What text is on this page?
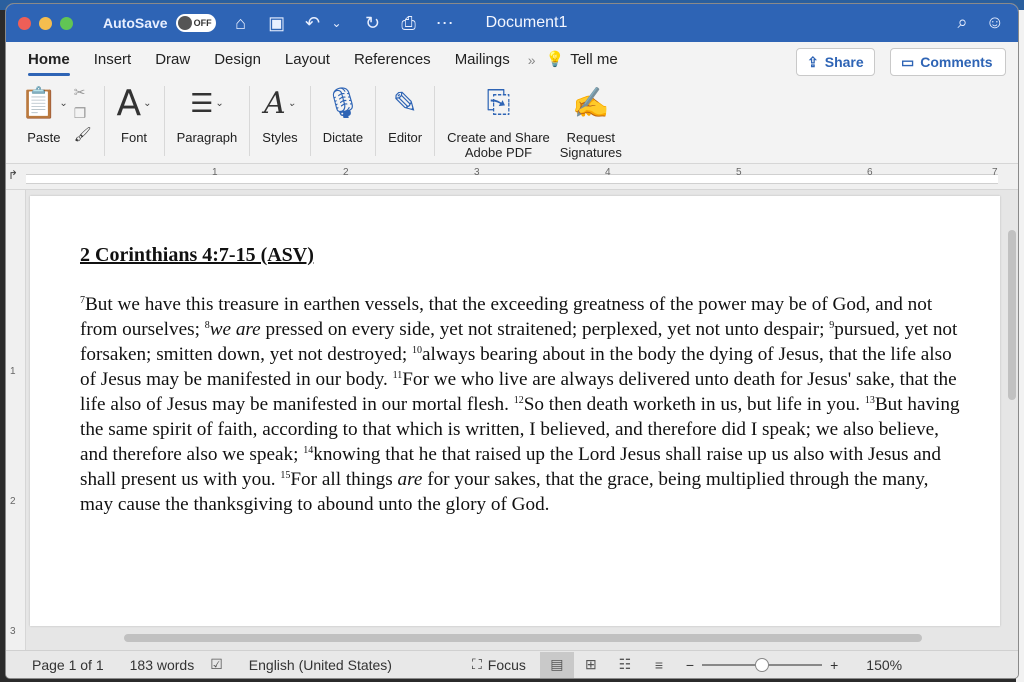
AutoSave	OFF	⌂	▣ ↶ ⌄	↻ ⎙ ⋯ Document1	⌕ ☺
Home	Insert	Draw	Design	Layout	References	Mailings	» 💡 Tell me	⇪ Share	▭ Comments
📋 ⌄
Paste
✂
❐
🖌
A ⌄
Font
☰ ⌄
Paragraph
A ⌄
Styles
🎙
Dictate
✎
Editor
⎘
Create and Share
Adobe PDF
✍
Request
Signatures
↱	1	2	3	4	5	6	7
1
2
3
2 Corinthians 4:7-15 (ASV)
$^7$But we have this treasure in earthen vessels, that the exceeding greatness of the power may be of God, and not from ourselves; $^8$we are pressed on every side, yet not straitened; perplexed, yet not unto despair; $^9$pursued, yet not forsaken; smitten down, yet not destroyed; $^{10}$always bearing about in the body the dying of Jesus, that the life also of Jesus may be manifested in our body. $^{11}$For we who live are always delivered unto death for Jesus' sake, that the life also of Jesus may be manifested in our mortal flesh. $^{12}$So then death worketh in us, but life in you. $^{13}$But having the same spirit of faith, according to that which is written, I believed, and therefore did I speak; we also believe, and therefore also we speak; $^{14}$knowing that he that raised up the Lord Jesus shall raise up us also with Jesus and shall present us with you. $^{15}$For all things are for your sakes, that the grace, being multiplied through the many, may cause the thanksgiving to abound unto the glory of God.
Page 1 of 1 183 words ☑ English (United States)	⛶ Focus ▤ ⊞ ☷ ≡ −	+ 150%
